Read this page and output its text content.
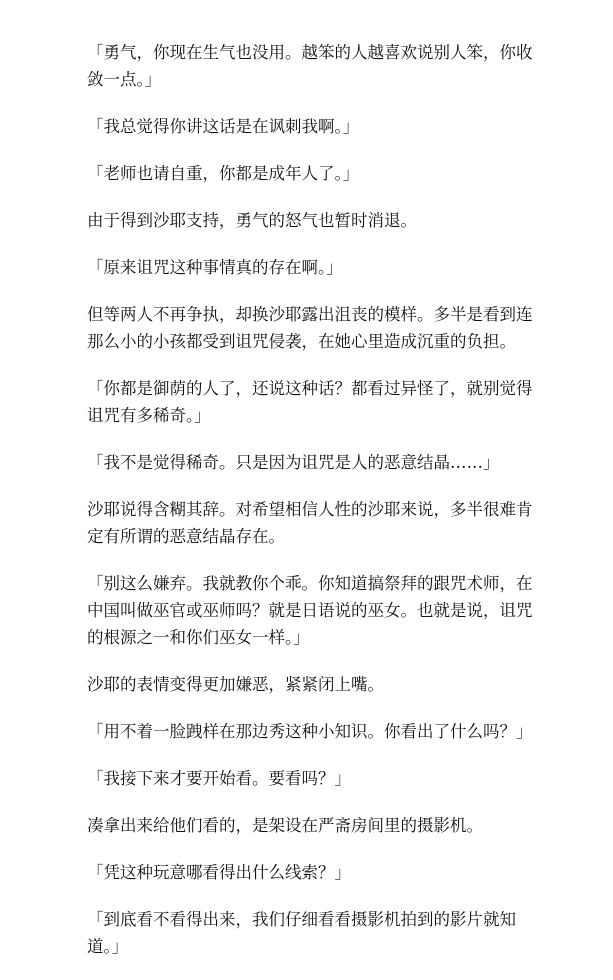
「勇气，你现在生气也没用。越笨的人越喜欢说别人笨，你收敛一点。」

「我总觉得你讲这话是在讽刺我啊。」

「老师也请自重，你都是成年人了。」

由于得到沙耶支持，勇气的怒气也暂时消退。

「原来诅咒这种事情真的存在啊。」

但等两人不再争执，却换沙耶露出沮丧的模样。多半是看到连那么小的小孩都受到诅咒侵袭，在她心里造成沉重的负担。

「你都是御荫的人了，还说这种话？都看过异怪了，就别觉得诅咒有多稀奇。」

「我不是觉得稀奇。只是因为诅咒是人的恶意结晶……」

沙耶说得含糊其辞。对希望相信人性的沙耶来说，多半很难肯定有所谓的恶意结晶存在。

「别这么嫌弃。我就教你个乖。你知道搞祭拜的跟咒术师，在中国叫做巫官或巫师吗？就是日语说的巫女。也就是说，诅咒的根源之一和你们巫女一样。」

沙耶的表情变得更加嫌恶，紧紧闭上嘴。

「用不着一脸跩样在那边秀这种小知识。你看出了什么吗？」

「我接下来才要开始看。要看吗？」

凑拿出来给他们看的，是架设在严斋房间里的摄影机。

「凭这种玩意哪看得出什么线索？」

「到底看不看得出来，我们仔细看看摄影机拍到的影片就知道。」
